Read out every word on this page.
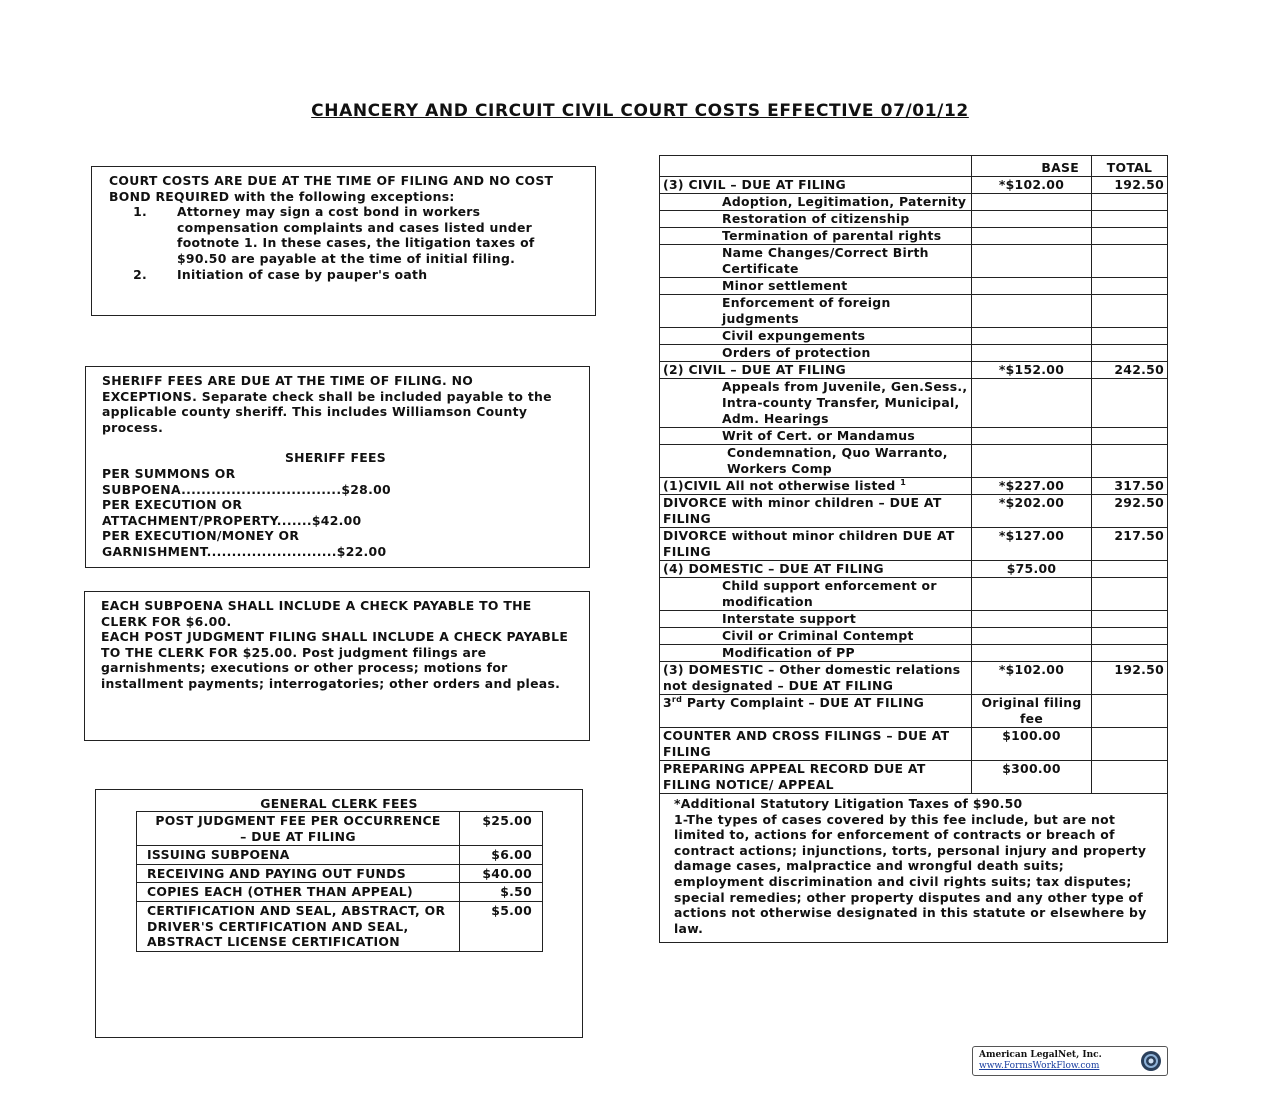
CHANCERY AND CIRCUIT CIVIL COURT COSTS EFFECTIVE 07/01/12

COURT COSTS ARE DUE AT THE TIME OF FILING AND NO COST BOND REQUIRED with the following exceptions:

1.	Attorney may sign a cost bond in workers compensation complaints and cases listed under footnote 1. In these cases, the litigation taxes of $90.50 are payable at the time of initial filing.
2.	Initiation of case by pauper's oath

SHERIFF FEES ARE DUE AT THE TIME OF FILING. NO EXCEPTIONS. Separate check shall be included payable to the applicable county sheriff. This includes Williamson County process.

SHERIFF FEES

PER SUMMONS OR

SUBPOENA................................$28.00

PER EXECUTION OR

ATTACHMENT/PROPERTY.......$42.00

PER EXECUTION/MONEY OR

GARNISHMENT..........................$22.00

EACH SUBPOENA SHALL INCLUDE A CHECK PAYABLE TO THE CLERK FOR $6.00.

EACH POST JUDGMENT FILING SHALL INCLUDE A CHECK PAYABLE TO THE CLERK FOR $25.00. Post judgment filings are garnishments; executions or other process; motions for installment payments; interrogatories; other orders and pleas.

GENERAL CLERK FEES

POST JUDGMENT FEE PER OCCURRENCE – DUE AT FILING	$25.00
ISSUING SUBPOENA	$6.00
RECEIVING AND PAYING OUT FUNDS	$40.00
COPIES EACH (OTHER THAN APPEAL)	$.50
CERTIFICATION AND SEAL, ABSTRACT, OR DRIVER'S CERTIFICATION AND SEAL, ABSTRACT LICENSE CERTIFICATION	$5.00

	BASE	TOTAL
(3) CIVIL – DUE AT FILING	*$102.00	192.50
Adoption, Legitimation, Paternity		
Restoration of citizenship		
Termination of parental rights		
Name Changes/Correct Birth Certificate		
Minor settlement		
Enforcement of foreign judgments		
Civil expungements		
Orders of protection		
(2) CIVIL – DUE AT FILING	*$152.00	242.50
Appeals from Juvenile, Gen.Sess., Intra-county Transfer, Municipal, Adm. Hearings		
Writ of Cert. or Mandamus		
Condemnation, Quo Warranto, Workers Comp		
(1)CIVIL All not otherwise listed $^1$	*$227.00	317.50
DIVORCE with minor children – DUE AT FILING	*$202.00	292.50
DIVORCE without minor children DUE AT FILING	*$127.00	217.50
(4) DOMESTIC – DUE AT FILING	$75.00	
Child support enforcement or modification		
Interstate support		
Civil or Criminal Contempt		
Modification of PP		
(3) DOMESTIC – Other domestic relations not designated – DUE AT FILING	*$102.00	192.50
3rd Party Complaint – DUE AT FILING	Original filing fee	
COUNTER AND CROSS FILINGS – DUE AT FILING	$100.00	
PREPARING APPEAL RECORD DUE AT FILING NOTICE/ APPEAL	$300.00	

*Additional Statutory Litigation Taxes of $90.50
1-The types of cases covered by this fee include, but are not limited to, actions for enforcement of contracts or breach of contract actions; injunctions, torts, personal injury and property damage cases, malpractice and wrongful death suits; employment discrimination and civil rights suits; tax disputes; special remedies; other property disputes and any other type of actions not otherwise designated in this statute or elsewhere by law.		
American LegalNet, Inc.
www.FormsWorkFlow.com
